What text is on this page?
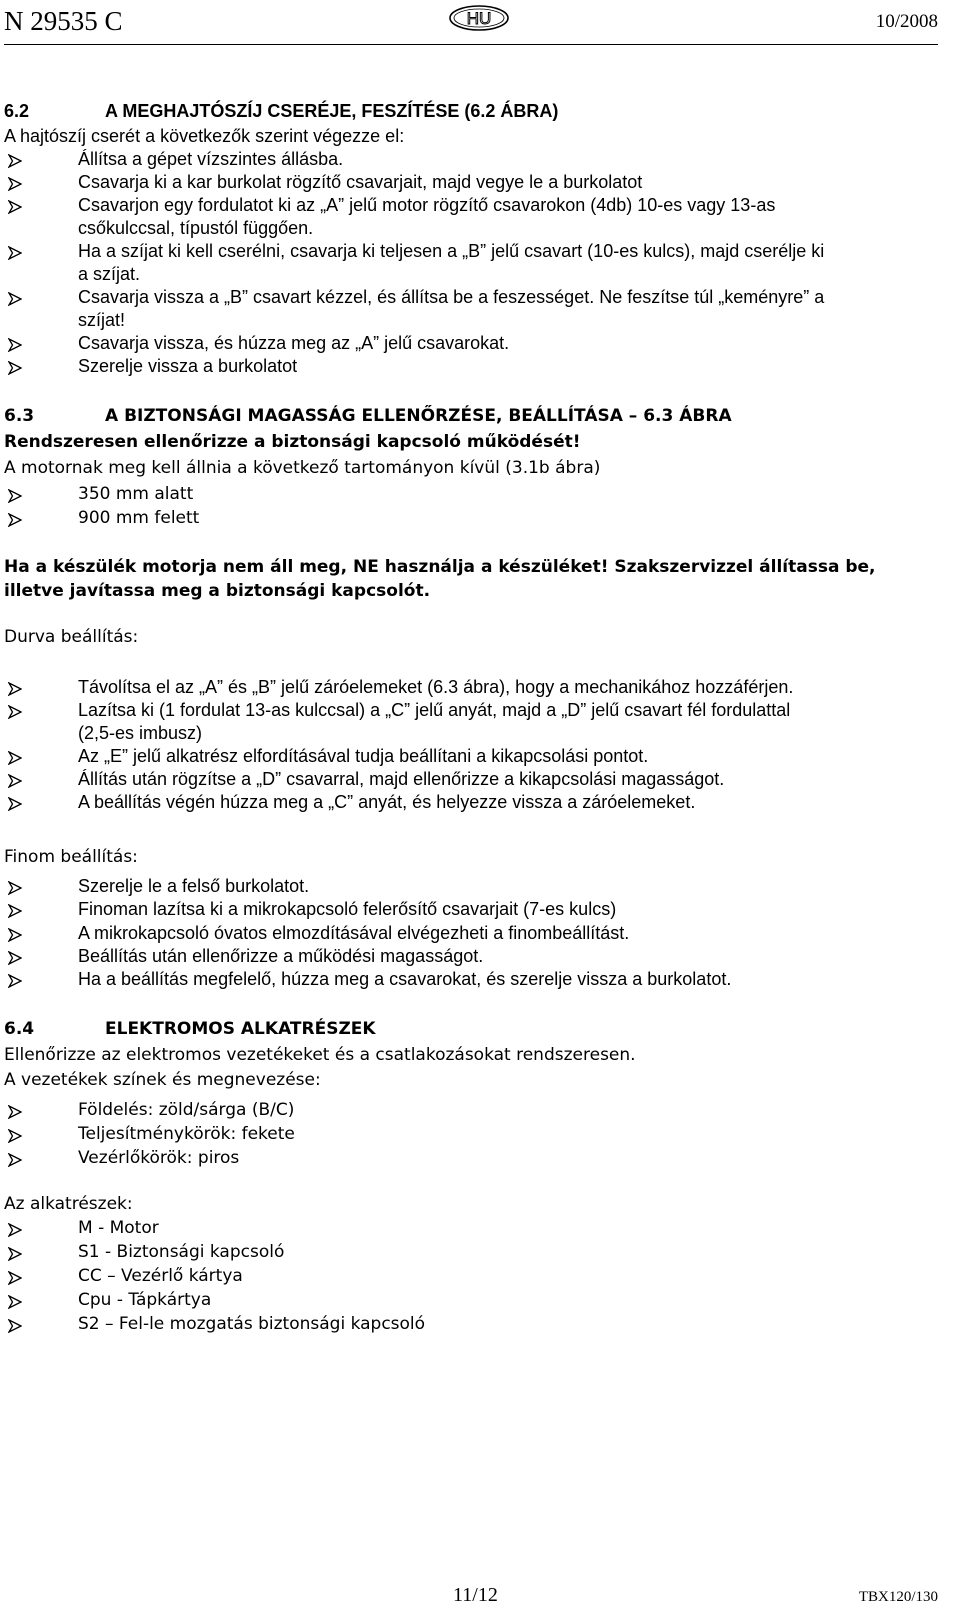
N 29535 C	HU	10/2008
6.2	A MEGHAJTÓSZÍJ CSERÉJE, FESZÍTÉSE (6.2 ÁBRA)
A hajtószíj cserét a következők szerint végezze el:
Állítsa a gépet vízszintes állásba.
Csavarja ki a kar burkolat rögzítő csavarjait, majd vegye le a burkolatot
Csavarjon egy fordulatot ki az „A” jelű motor rögzítő csavarokon (4db) 10-es vagy 13-as
csőkulccsal, típustól függően.
Ha a szíjat ki kell cserélni, csavarja ki teljesen a „B” jelű csavart (10-es kulcs), majd cserélje ki
a szíjat.
Csavarja vissza a „B” csavart kézzel, és állítsa be a feszességet. Ne feszítse túl „keményre” a
szíjat!
Csavarja vissza, és húzza meg az „A” jelű csavarokat.
Szerelje vissza a burkolatot
6.3	A BIZTONSÁGI MAGASSÁG ELLENŐRZÉSE, BEÁLLÍTÁSA – 6.3 ÁBRA
Rendszeresen ellenőrizze a biztonsági kapcsoló működését!
A motornak meg kell állnia a következő tartományon kívül (3.1b ábra)
350 mm alatt
900 mm felett
Ha a készülék motorja nem áll meg, NE használja a készüléket! Szakszervizzel állítassa be,
illetve javítassa meg a biztonsági kapcsolót.
Durva beállítás:
Távolítsa el az „A” és „B” jelű záróelemeket (6.3 ábra), hogy a mechanikához hozzáférjen.
Lazítsa ki (1 fordulat 13-as kulccsal) a „C” jelű anyát, majd a „D” jelű csavart fél fordulattal
(2,5-es imbusz)
Az „E” jelű alkatrész elfordításával tudja beállítani a kikapcsolási pontot.
Állítás után rögzítse a „D” csavarral, majd ellenőrizze a kikapcsolási magasságot.
A beállítás végén húzza meg a „C” anyát, és helyezze vissza a záróelemeket.
Finom beállítás:
Szerelje le a felső burkolatot.
Finoman lazítsa ki a mikrokapcsoló felerősítő csavarjait (7-es kulcs)
A mikrokapcsoló óvatos elmozdításával elvégezheti a finombeállítást.
Beállítás után ellenőrizze a működési magasságot.
Ha a beállítás megfelelő, húzza meg a csavarokat, és szerelje vissza a burkolatot.
6.4	ELEKTROMOS ALKATRÉSZEK
Ellenőrizze az elektromos vezetékeket és a csatlakozásokat rendszeresen.
A vezetékek színek és megnevezése:
Földelés: zöld/sárga (B/C)
Teljesítménykörök: fekete
Vezérlőkörök: piros
Az alkatrészek:
M - Motor
S1 - Biztonsági kapcsoló
CC – Vezérlő kártya
Cpu - Tápkártya
S2 – Fel-le mozgatás biztonsági kapcsoló
11/12	TBX120/130
